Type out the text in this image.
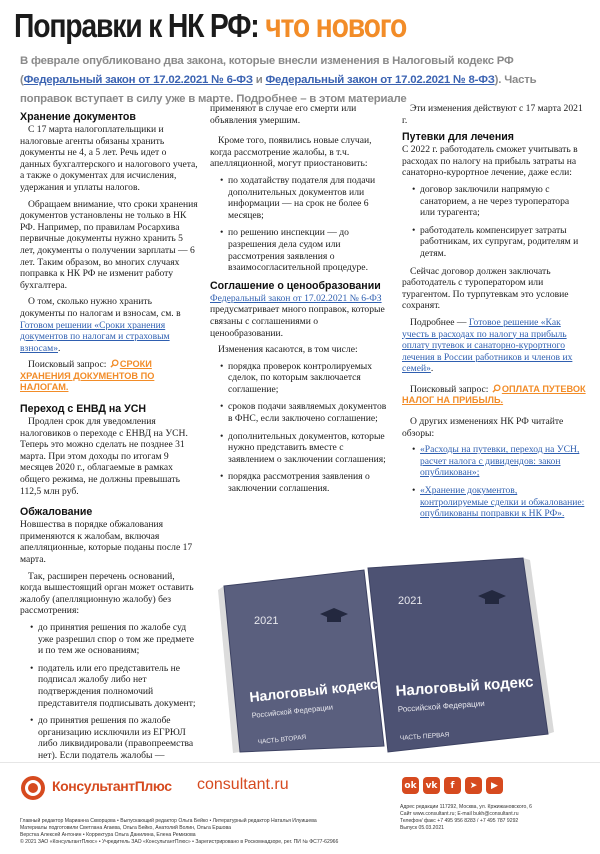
Поправки к НК РФ: что нового
В феврале опубликовано два закона, которые внесли изменения в Налоговый кодекс РФ (Федеральный закон от 17.02.2021 № 6-ФЗ и Федеральный закон от 17.02.2021 № 8-ФЗ). Часть поправок вступает в силу уже в марте. Подробнее – в этом материале
Хранение документов

С 17 марта налогоплательщики и налоговые агенты обязаны хранить документы не 4, а 5 лет. Речь идет о данных бухгалтерского и налогового учета, а также о документах для исчисления, удержания и уплаты налогов.

Обращаем внимание, что сроки хранения документов установлены не только в НК РФ. Например, по правилам Росархива первичные документы нужно хранить 5 лет, документы о получении зарплаты — 6 лет. Таким образом, во многих случаях поправка к НК РФ не изменит работу бухгалтера.

О том, сколько нужно хранить документы по налогам и взносам, см. в Готовом решении «Сроки хранения документов по налогам и страховым взносам».

Поисковый запрос: СРОКИ ХРАНЕНИЯ ДОКУМЕНТОВ ПО НАЛОГАМ.

Переход с ЕНВД на УСН

Продлен срок для уведомления налоговиков о переходе с ЕНВД на УСН. Теперь это можно сделать не позднее 31 марта. При этом доходы по итогам 9 месяцев 2020 г., облагаемые в рамках общего режима, не должны превышать 112,5 млн руб.

Обжалование

Новшества в порядке обжалования применяются к жалобам, включая апелляционные, которые поданы после 17 марта.

Так, расширен перечень оснований, когда вышестоящий орган может оставить жалобу (апелляционную жалобу) без рассмотрения:

• до принятия решения по жалобе суд уже разрешил спор о том же предмете и по тем же основаниям;
• податель или его представитель не подписал жалобу либо нет подтверждения полномочий представителя подписывать документ;
• до принятия решения по жалобе организацию исключили из ЕГРЮЛ либо ликвидировали (правопреемства нет). Если податель жалобы —

применяют в случае его смерти или объявления умершим.

Кроме того, появились новые случаи, когда рассмотрение жалобы, в т.ч. апелляционной, могут приостановить:

• по ходатайству подателя для подачи дополнительных документов или информации — на срок не более 6 месяцев;
• по решению инспекции — до разрешения дела судом или рассмотрения заявления о взаимосогласительной процедуре.
Соглашение о ценообразовании

Федеральный закон от 17.02.2021 № 6-ФЗ предусматривает много поправок, которые связаны с соглашениями о ценообразовании.

Изменения касаются, в том числе:

• порядка проверок контролируемых сделок, по которым заключается соглашение;
• сроков подачи заявляемых документов в ФНС, если заключено соглашение;
• дополнительных документов, которые нужно представить вместе с заявлением о заключении соглашения;
• порядка рассмотрения заявления о заключении соглашения.

Эти изменения действуют с 17 марта 2021 г.

Путевки для лечения

С 2022 г. работодатель сможет учитывать в расходах по налогу на прибыль затраты на санаторно-курортное лечение, даже если:

• договор заключили напрямую с санаторием, а не через туроператора или турагента;
• работодатель компенсирует затраты работникам, их супругам, родителям и детям.

Сейчас договор должен заключать работодатель с туроператором или турагентом. По турпутевкам это условие сохранят.

Подробнее — Готовое решение «Как учесть в расходах по налогу на прибыль оплату путевок и санаторно-курортного лечения в России работников и членов их семей».

Поисковый запрос: ОПЛАТА ПУТЕВОК НАЛОГ НА ПРИБЫЛЬ.

О других изменениях НК РФ читайте обзоры:

• «Расходы на путевки, переход на УСН, расчет налога с дивидендов: закон опубликован»;
• «Хранение документов, контролируемые сделки и обжалование: опубликованы поправки к НК РФ».
2021
Налоговый кодекс
Российской Федерации
ЧАСТЬ ПЕРВАЯ
2021
Налоговый кодекс
Российской Федерации
ЧАСТЬ ВТОРАЯ
КонсультантПлюс consultant.ru	ok vk	f	➤	▶
Главный редактор Марианна Скворцова • Выпускающий редактор Ольга Бейко • Литературный редактор Наталья Илуишева
Материалы подготовили Светлана Агаева, Ольга Бейко, Анатолий Волин, Ольга Ершова
Верстка Алексей Антонин • Корректура Ольга Данилина, Елена Ремизова
© 2021 ЗАО «КонсультантПлюс» • Учредитель ЗАО «КонсультантПлюс» • Зарегистрировано в Роскомнадзоре, рег. ПИ № ФС77-62966
Адрес редакции 117292, Москва, ул. Кржижановского, 6
Сайт www.consultant.ru; E-mail bukh@consultant.ru
Телефон/ факс +7 495 956 8283 / +7 495 787 9292
Выпуск 05.03.2021
